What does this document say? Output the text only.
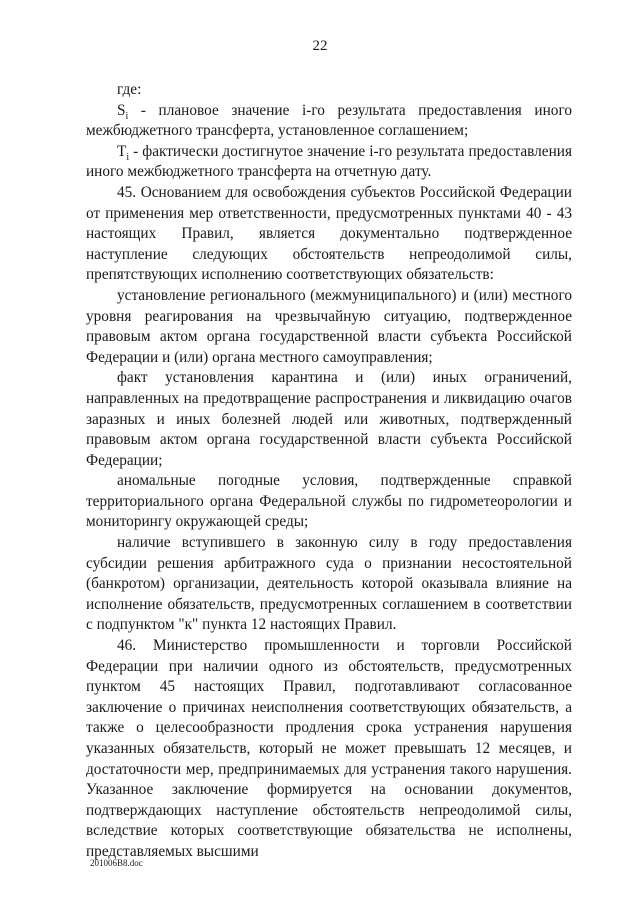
22

где:

$S_i$ - плановое значение i-го результата предоставления иного межбюджетного трансферта, установленное соглашением;

$T_i$ - фактически достигнутое значение i-го результата предоставления иного межбюджетного трансферта на отчетную дату.

45. Основанием для освобождения субъектов Российской Федерации от применения мер ответственности, предусмотренных пунктами 40 - 43 настоящих Правил, является документально подтвержденное наступление следующих обстоятельств непреодолимой силы, препятствующих исполнению соответствующих обязательств:

установление регионального (межмуниципального) и (или) местного уровня реагирования на чрезвычайную ситуацию, подтвержденное правовым актом органа государственной власти субъекта Российской Федерации и (или) органа местного самоуправления;

факт установления карантина и (или) иных ограничений, направленных на предотвращение распространения и ликвидацию очагов заразных и иных болезней людей или животных, подтвержденный правовым актом органа государственной власти субъекта Российской Федерации;

аномальные погодные условия, подтвержденные справкой территориального органа Федеральной службы по гидрометеорологии и мониторингу окружающей среды;

наличие вступившего в законную силу в году предоставления субсидии решения арбитражного суда о признании несостоятельной (банкротом) организации, деятельность которой оказывала влияние на исполнение обязательств, предусмотренных соглашением в соответствии с подпунктом "к" пункта 12 настоящих Правил.

46. Министерство промышленности и торговли Российской Федерации при наличии одного из обстоятельств, предусмотренных пунктом 45 настоящих Правил, подготавливают согласованное заключение о причинах неисполнения соответствующих обязательств, а также о целесообразности продления срока устранения нарушения указанных обязательств, который не может превышать 12 месяцев, и достаточности мер, предпринимаемых для устранения такого нарушения. Указанное заключение формируется на основании документов, подтверждающих наступление обстоятельств непреодолимой силы, вследствие которых соответствующие обязательства не исполнены, представляемых высшими

201006B8.doc
